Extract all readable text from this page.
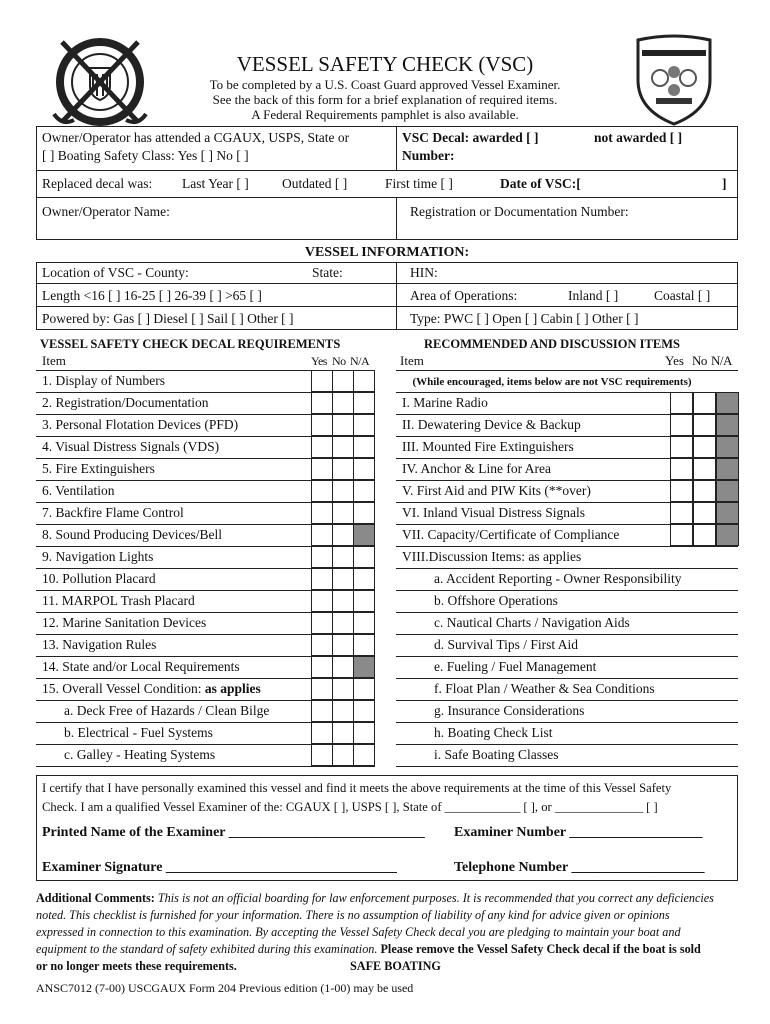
VESSEL SAFETY CHECK (VSC)
To be completed by a U.S. Coast Guard approved Vessel Examiner.
See the back of this form for a brief explanation of required items.
A Federal Requirements pamphlet is also available.
Owner/Operator has attended a CGAUX, USPS, State or
[ ] Boating Safety Class: Yes [ ] No [ ]
VSC Decal: awarded [ ]	not awarded [ ]
Number:
Replaced decal was: Last Year [ ] Outdated [ ]	First time [ ]	Date of VSC:[	]
Owner/Operator Name:	Registration or Documentation Number:
VESSEL INFORMATION:
Location of VSC - County:	State:	HIN:
Length <16 [ ] 16-25 [ ] 26-39 [ ] >65 [ ]	Area of Operations:	Inland [ ]	Coastal [ ]
Powered by: Gas [ ] Diesel [ ] Sail [ ] Other [ ]	Type: PWC [ ] Open [ ] Cabin [ ] Other [ ]
VESSEL SAFETY CHECK DECAL REQUIREMENTS	RECOMMENDED AND DISCUSSION ITEMS
Item	Yes No N/A Item	Yes No N/A
1. Display of Numbers
2. Registration/Documentation
3. Personal Flotation Devices (PFD)
4. Visual Distress Signals (VDS)
5. Fire Extinguishers
6. Ventilation
7. Backfire Flame Control
8. Sound Producing Devices/Bell
9. Navigation Lights
10. Pollution Placard
11. MARPOL Trash Placard
12. Marine Sanitation Devices
13. Navigation Rules
14. State and/or Local Requirements
15. Overall Vessel Condition: as applies
a. Deck Free of Hazards / Clean Bilge
b. Electrical - Fuel Systems
c. Galley - Heating Systems
(While encouraged, items below are not VSC requirements)
I. Marine Radio
II. Dewatering Device & Backup
III. Mounted Fire Extinguishers
IV. Anchor & Line for Area
V. First Aid and PIW Kits (**over)
VI. Inland Visual Distress Signals
VII. Capacity/Certificate of Compliance
VIII.Discussion Items: as applies
a. Accident Reporting - Owner Responsibility
b. Offshore Operations
c. Nautical Charts / Navigation Aids
d. Survival Tips / First Aid
e. Fueling / Fuel Management
f. Float Plan / Weather & Sea Conditions
g. Insurance Considerations
h. Boating Check List
i. Safe Boating Classes
I certify that I have personally examined this vessel and find it meets the above requirements at the time of this Vessel Safety
Check. I am a qualified Vessel Examiner of the: CGAUX [ ], USPS [ ], State of ____________ [ ], or ______________ [ ]
Printed Name of the Examiner ____________________________ Examiner Number ___________________
Examiner Signature _________________________________	Telephone Number ___________________
Additional Comments: This is not an official boarding for law enforcement purposes. It is recommended that you correct any deficiencies
noted. This checklist is furnished for your information. There is no assumption of liability of any kind for advice given or opinions
expressed in connection to this examination. By accepting the Vessel Safety Check decal you are pledging to maintain your boat and
equipment to the standard of safety exhibited during this examination. Please remove the Vessel Safety Check decal if the boat is sold
or no longer meets these requirements.	SAFE BOATING
ANSC7012 (7-00) USCGAUX Form 204 Previous edition (1-00) may be used
